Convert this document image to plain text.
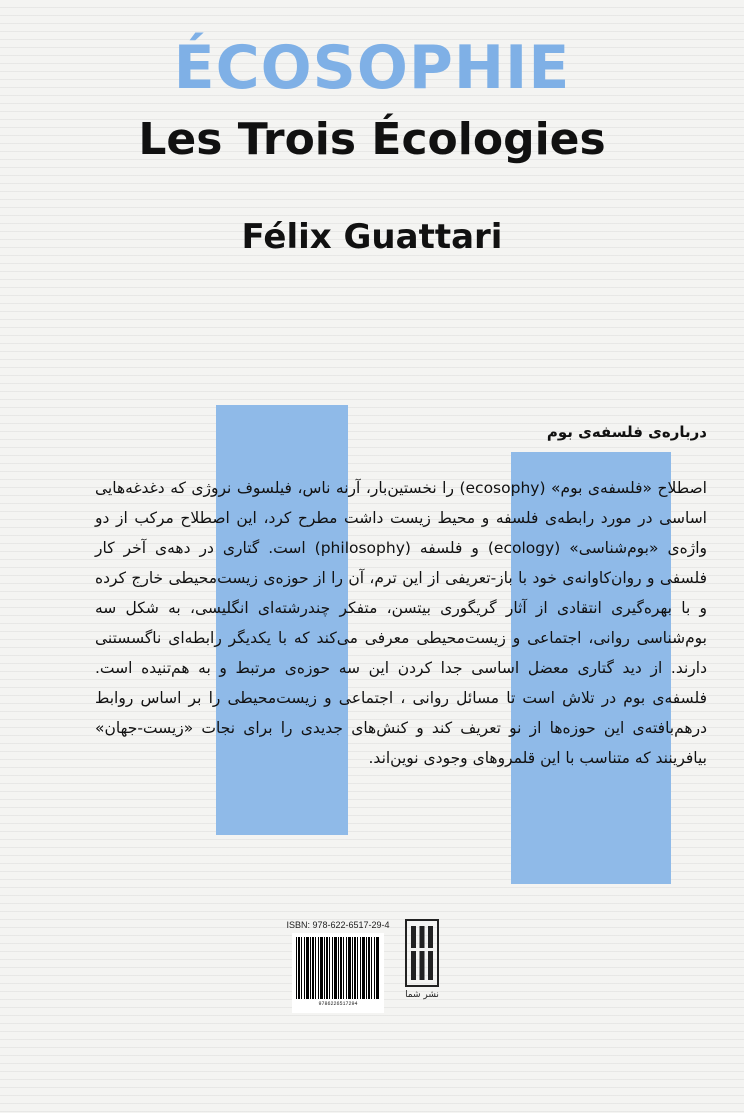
ÉCOSOPHIE
Les Trois Écologies
Félix Guattari
درباره‌ی فلسفه‌ی بوم

اصطلاح «فلسفه‌ی بوم» (ecosophy) را نخستین‌بار، آرنه ناس، فیلسوف نروژی که دغدغه‌هایی اساسی در مورد رابطه‌ی فلسفه و محیط زیست داشت مطرح کرد، این اصطلاح مرکب از دو واژه‌ی «بوم‌شناسی» (ecology) و فلسفه (philosophy) است. گتاری در دهه‌ی آخر کار فلسفی و روان‌کاوانه‌ی خود با باز-تعریفی از این ترم، آن را از حوزه‌ی زیست‌محیطی خارج کرده و با بهره‌گیری انتقادی از آثار گریگوری بیتسن، متفکر چندرشته‌ای انگلیسی، به شکل سه بوم‌شناسی روانی، اجتماعی و زیست‌محیطی معرفی می‌کند که با یکدیگر رابطه‌ای ناگسستنی دارند. از دید گتاری معضل اساسی جدا کردن این سه حوزه‌ی مرتبط و به هم‌تنیده است. فلسفه‌ی بوم در تلاش است تا مسائل روانی ، اجتماعی و زیست‌محیطی را بر اساس روابط درهم‌بافته‌ی این حوزه‌ها از نو تعریف کند و کنش‌های جدیدی را برای نجات «زیست-جهان» بیافرینند که متناسب با این قلمروهای وجودی نوین‌اند.

ISBN: 978-622-6517-29-4
9786226517294
نشر شما
